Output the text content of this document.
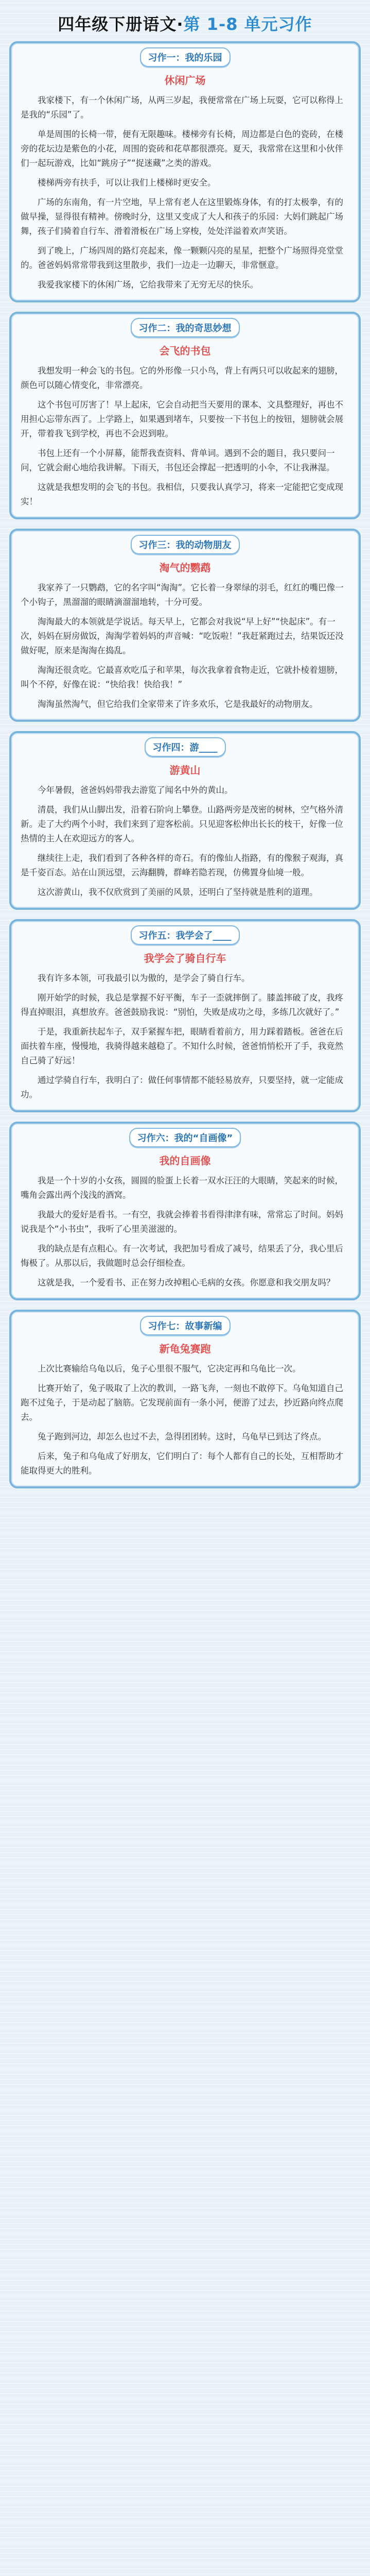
四年级下册语文·第 1-8 单元习作
习作一：我的乐园
休闲广场

我家楼下，有一个休闲广场，从两三岁起，我便常常在广场上玩耍，它可以称得上是我的“乐园”了。

单是周围的长椅一带，便有无限趣味。楼梯旁有长椅，周边都是白色的瓷砖，在楼旁的花坛边是紫色的小花，周围的瓷砖和花草都很漂亮。夏天，我常常在这里和小伙伴们一起玩游戏，比如“跳房子”“捉迷藏”之类的游戏。

楼梯两旁有扶手，可以让我们上楼梯时更安全。

广场的东南角，有一片空地，早上常有老人在这里锻炼身体，有的打太极拳，有的做早操，显得很有精神。傍晚时分，这里又变成了大人和孩子的乐园：大妈们跳起广场舞，孩子们骑着自行车、滑着滑板在广场上穿梭，处处洋溢着欢声笑语。

到了晚上，广场四周的路灯亮起来，像一颗颗闪亮的星星，把整个广场照得亮堂堂的。爸爸妈妈常常带我到这里散步，我们一边走一边聊天，非常惬意。

我爱我家楼下的休闲广场，它给我带来了无穷无尽的快乐。

习作二：我的奇思妙想
会飞的书包

我想发明一种会飞的书包。它的外形像一只小鸟，背上有两只可以收起来的翅膀，颜色可以随心情变化，非常漂亮。

这个书包可厉害了！早上起床，它会自动把当天要用的课本、文具整理好，再也不用担心忘带东西了。上学路上，如果遇到堵车，只要按一下书包上的按钮，翅膀就会展开，带着我飞到学校，再也不会迟到啦。

书包上还有一个小屏幕，能帮我查资料、背单词。遇到不会的题目，我只要问一问，它就会耐心地给我讲解。下雨天，书包还会撑起一把透明的小伞，不让我淋湿。

这就是我想发明的会飞的书包。我相信，只要我认真学习，将来一定能把它变成现实！

习作三：我的动物朋友
淘气的鹦鹉

我家养了一只鹦鹉，它的名字叫“淘淘”。它长着一身翠绿的羽毛，红红的嘴巴像一个小钩子，黑溜溜的眼睛滴溜溜地转，十分可爱。

淘淘最大的本领就是学说话。每天早上，它都会对我说“早上好”“快起床”。有一次，妈妈在厨房做饭，淘淘学着妈妈的声音喊：“吃饭啦！”我赶紧跑过去，结果饭还没做好呢，原来是淘淘在捣乱。

淘淘还很贪吃。它最喜欢吃瓜子和苹果，每次我拿着食物走近，它就扑棱着翅膀，叫个不停，好像在说：“快给我！快给我！”

淘淘虽然淘气，但它给我们全家带来了许多欢乐，它是我最好的动物朋友。

习作四：游____
游黄山

今年暑假，爸爸妈妈带我去游览了闻名中外的黄山。

清晨，我们从山脚出发，沿着石阶向上攀登。山路两旁是茂密的树林，空气格外清新。走了大约两个小时，我们来到了迎客松前。只见迎客松伸出长长的枝干，好像一位热情的主人在欢迎远方的客人。

继续往上走，我们看到了各种各样的奇石。有的像仙人指路，有的像猴子观海，真是千姿百态。站在山顶远望，云海翻腾，群峰若隐若现，仿佛置身仙境一般。

这次游黄山，我不仅欣赏到了美丽的风景，还明白了坚持就是胜利的道理。

习作五：我学会了____
我学会了骑自行车

我有许多本领，可我最引以为傲的，是学会了骑自行车。

刚开始学的时候，我总是掌握不好平衡，车子一歪就摔倒了。膝盖摔破了皮，我疼得直掉眼泪，真想放弃。爸爸鼓励我说：“别怕，失败是成功之母，多练几次就好了。”

于是，我重新扶起车子，双手紧握车把，眼睛看着前方，用力踩着踏板。爸爸在后面扶着车座，慢慢地，我骑得越来越稳了。不知什么时候，爸爸悄悄松开了手，我竟然自己骑了好远！

通过学骑自行车，我明白了：做任何事情都不能轻易放弃，只要坚持，就一定能成功。

习作六：我的“自画像”
我的自画像

我是一个十岁的小女孩，圆圆的脸蛋上长着一双水汪汪的大眼睛，笑起来的时候，嘴角会露出两个浅浅的酒窝。

我最大的爱好是看书。一有空，我就会捧着书看得津津有味，常常忘了时间。妈妈说我是个“小书虫”，我听了心里美滋滋的。

我的缺点是有点粗心。有一次考试，我把加号看成了减号，结果丢了分，我心里后悔极了。从那以后，我做题时总会仔细检查。

这就是我，一个爱看书、正在努力改掉粗心毛病的女孩。你愿意和我交朋友吗？

习作七：故事新编
新龟兔赛跑

上次比赛输给乌龟以后，兔子心里很不服气，它决定再和乌龟比一次。

比赛开始了，兔子吸取了上次的教训，一路飞奔，一刻也不敢停下。乌龟知道自己跑不过兔子，于是动起了脑筋。它发现前面有一条小河，便游了过去，抄近路向终点爬去。

兔子跑到河边，却怎么也过不去，急得团团转。这时，乌龟早已到达了终点。

后来，兔子和乌龟成了好朋友，它们明白了：每个人都有自己的长处，互相帮助才能取得更大的胜利。
